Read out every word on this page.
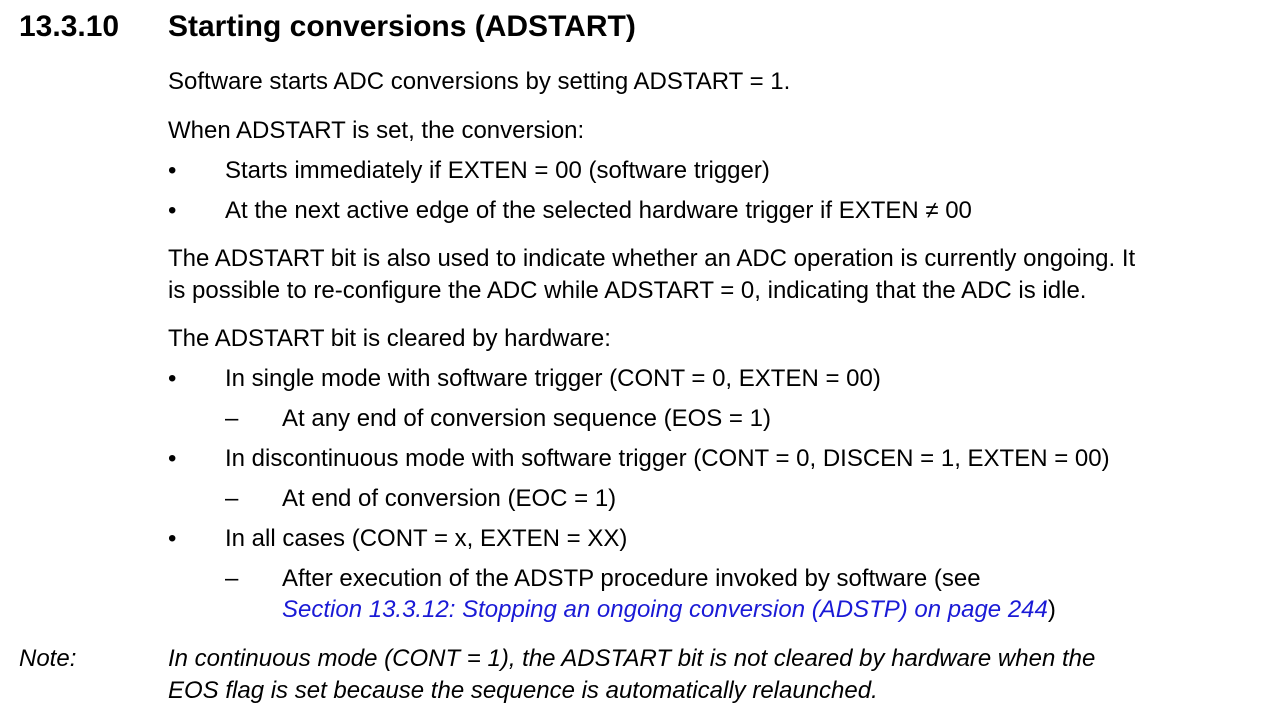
13.3.10 Starting conversions (ADSTART)
Software starts ADC conversions by setting ADSTART = 1.
When ADSTART is set, the conversion:
• Starts immediately if EXTEN = 00 (software trigger)
• At the next active edge of the selected hardware trigger if EXTEN ≠ 00
The ADSTART bit is also used to indicate whether an ADC operation is currently ongoing. It
is possible to re-configure the ADC while ADSTART = 0, indicating that the ADC is idle.
The ADSTART bit is cleared by hardware:
• In single mode with software trigger (CONT = 0, EXTEN = 00)
– At any end of conversion sequence (EOS = 1)
• In discontinuous mode with software trigger (CONT = 0, DISCEN = 1, EXTEN = 00)
– At end of conversion (EOC = 1)
• In all cases (CONT = x, EXTEN = XX)
– After execution of the ADSTP procedure invoked by software (see
Section 13.3.12: Stopping an ongoing conversion (ADSTP) on page 244)
Note:	In continuous mode (CONT = 1), the ADSTART bit is not cleared by hardware when the
EOS flag is set because the sequence is automatically relaunched.
